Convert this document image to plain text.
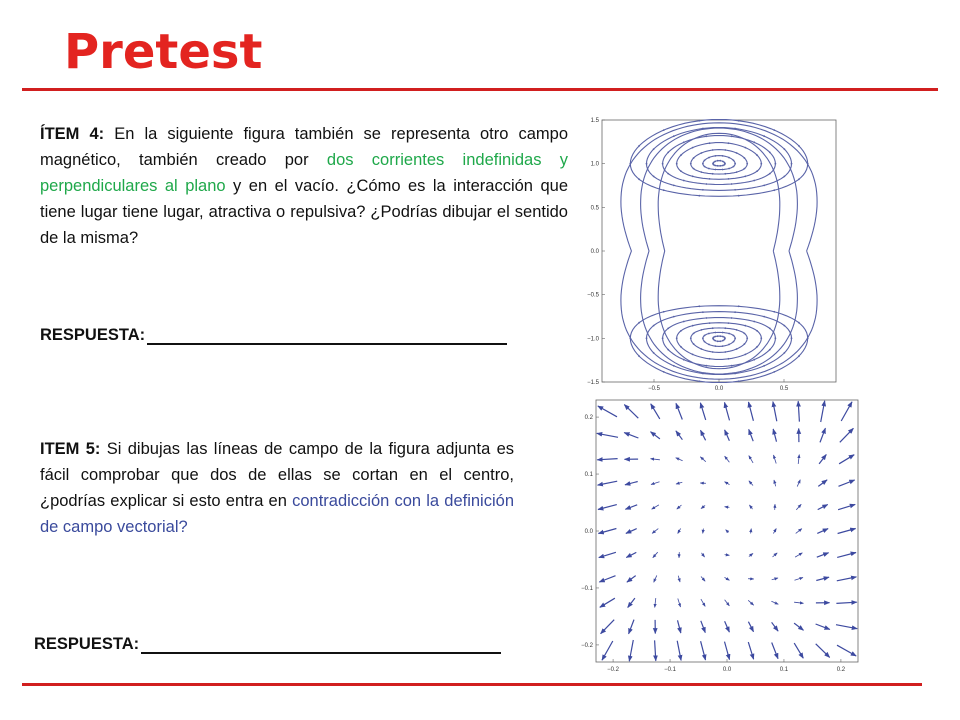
Pretest
ÍTEM 4: En la siguiente figura también se representa otro campo magnético, también creado por dos corrientes indefinidas y perpendiculares al plano y en el vacío. ¿Cómo es la interacción que tiene lugar tiene lugar, atractiva o repulsiva? ¿Podrías dibujar el sentido de la misma?
RESPUESTA:
ITEM 5: Si dibujas las líneas de campo de la figura adjunta es fácil comprobar que dos de ellas se cortan en el centro, ¿podrías explicar si esto entra en contradicción con la definición de campo vectorial?
RESPUESTA:
1.5
1.0
0.5
0.0
−0.5
−1.0
−1.5
−0.5	0.0	0.5
0.2
0.1
0.0
−0.1
−0.2
−0.2	−0.1	0.0	0.1	0.2
